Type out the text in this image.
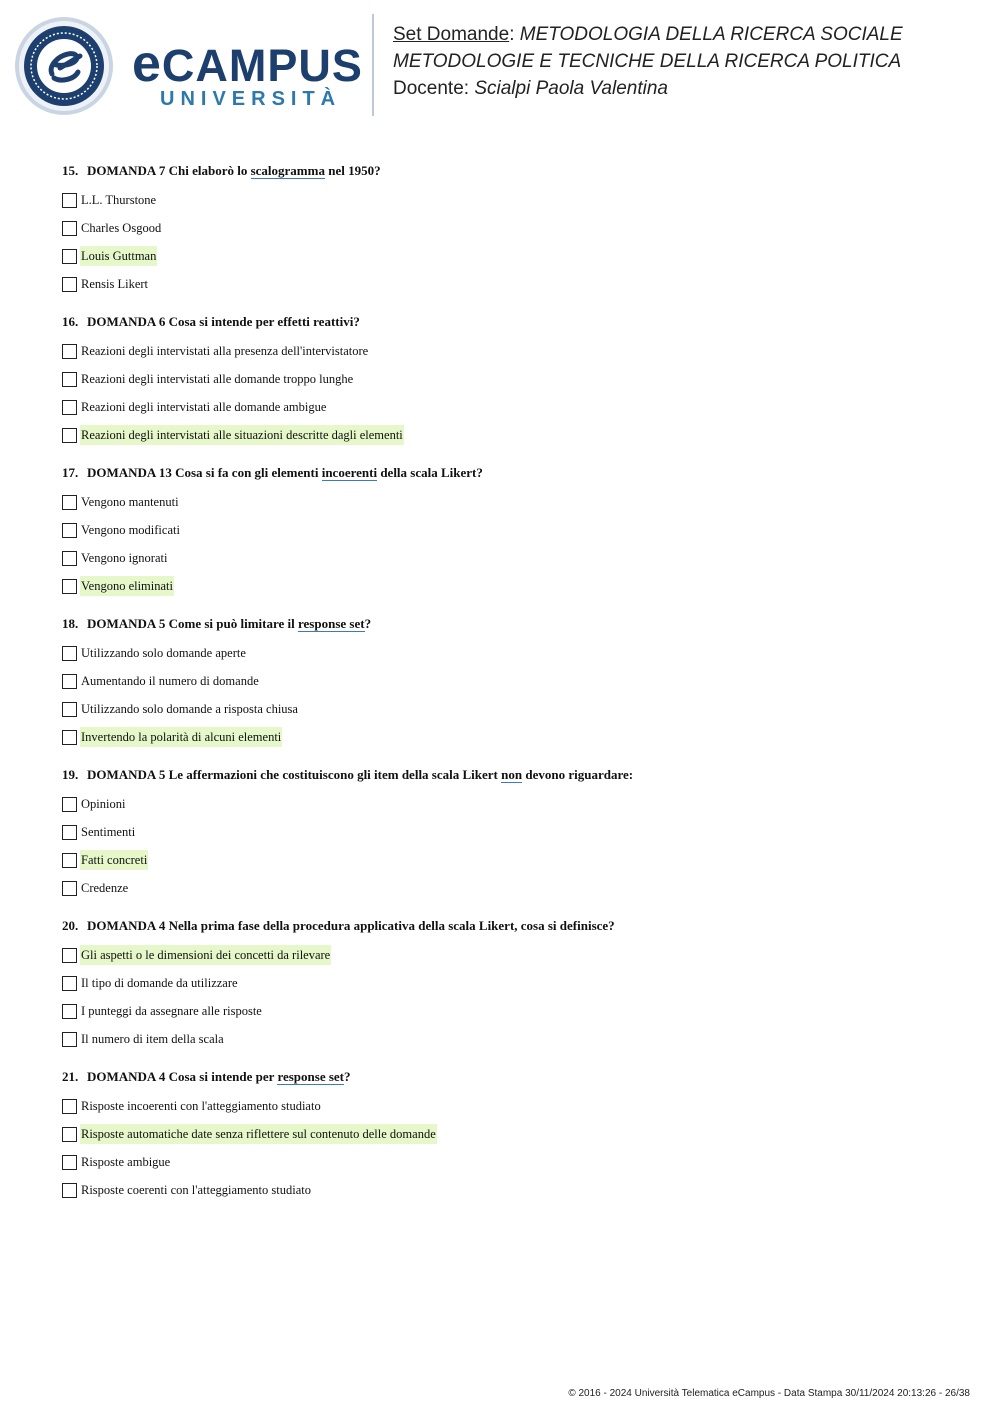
eCAMPUS
UNIVERSITÀ
Set Domande: METODOLOGIA DELLA RICERCA SOCIALE
METODOLOGIE E TECNICHE DELLA RICERCA POLITICA
Docente: Scialpi Paola Valentina
15. DOMANDA 7 Chi elaborò lo scalogramma nel 1950?
L.L. Thurstone
Charles Osgood
Louis Guttman
Rensis Likert
16. DOMANDA 6 Cosa si intende per effetti reattivi?
Reazioni degli intervistati alla presenza dell'intervistatore
Reazioni degli intervistati alle domande troppo lunghe
Reazioni degli intervistati alle domande ambigue
Reazioni degli intervistati alle situazioni descritte dagli elementi
17. DOMANDA 13 Cosa si fa con gli elementi incoerenti della scala Likert?
Vengono mantenuti
Vengono modificati
Vengono ignorati
Vengono eliminati
18. DOMANDA 5 Come si può limitare il response set?
Utilizzando solo domande aperte
Aumentando il numero di domande
Utilizzando solo domande a risposta chiusa
Invertendo la polarità di alcuni elementi
19. DOMANDA 5 Le affermazioni che costituiscono gli item della scala Likert non devono riguardare:
Opinioni
Sentimenti
Fatti concreti
Credenze
20. DOMANDA 4 Nella prima fase della procedura applicativa della scala Likert, cosa si definisce?
Gli aspetti o le dimensioni dei concetti da rilevare
Il tipo di domande da utilizzare
I punteggi da assegnare alle risposte
Il numero di item della scala
21. DOMANDA 4 Cosa si intende per response set?
Risposte incoerenti con l'atteggiamento studiato
Risposte automatiche date senza riflettere sul contenuto delle domande
Risposte ambigue
Risposte coerenti con l'atteggiamento studiato
© 2016 - 2024 Università Telematica eCampus - Data Stampa 30/11/2024 20:13:26 - 26/38
